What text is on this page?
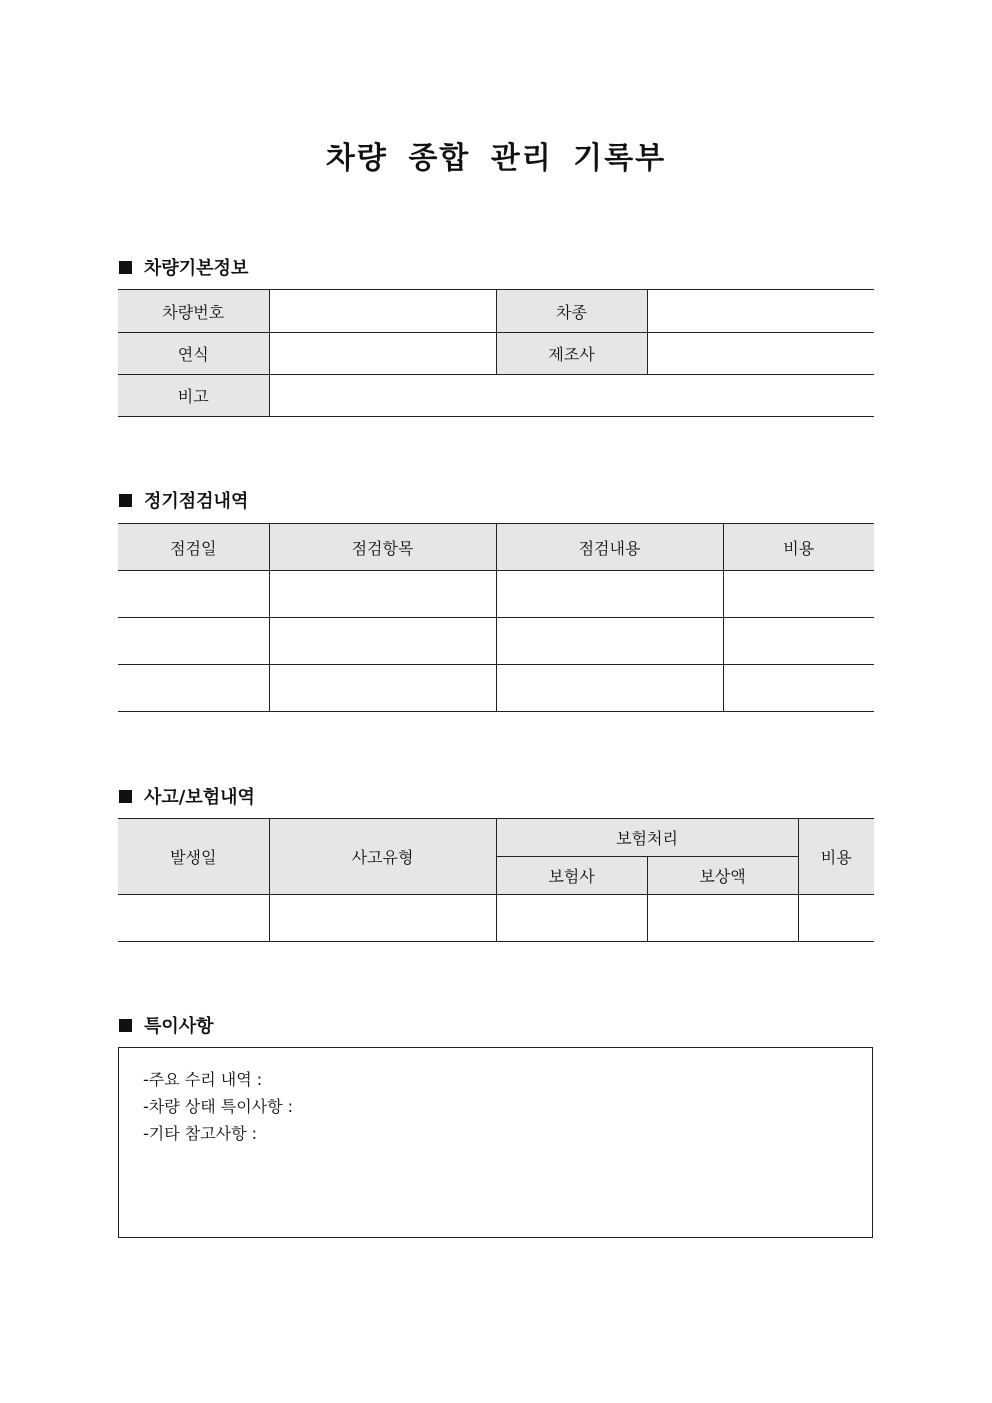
차량 종합 관리 기록부
차량기본정보
차량번호		차종	
연식		제조사	
비고			
정기점검내역
점검일	점검항목	점검내용	비용

사고/보험내역
발생일	사고유형	보험처리		비용
		보험사	보상액	

특이사항
-주요 수리 내역 :
-차량 상태 특이사항 :
-기타 참고사항 :
